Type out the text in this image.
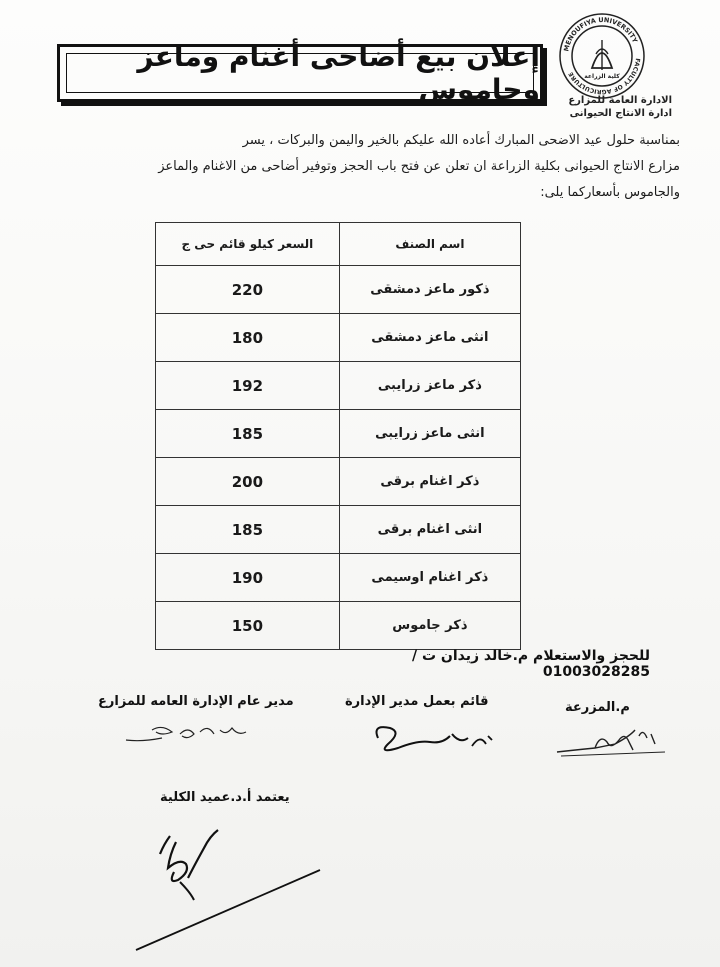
إعلان بيع أضاحى أغنام وماعز وجاموس
MENOUFIYA UNIVERSITY
FACULTY OF AGRICULTURE	كلية الزراعة
الادارة العامة للمزارع
ادارة الانتاج الحيوانى
بمناسبة حلول عيد الاضحى المبارك أعاده الله عليكم بالخير واليمن والبركات ، يسر
مزارع الانتاج الحيوانى بكلية الزراعة ان تعلن عن فتح باب الحجز وتوفير أضاحى من الاغنام والماعز
والجاموس بأسعاركما يلى:
اسم الصنف	السعر كيلو قائم حى ج
ذكور ماعز دمشقى	220
انثى ماعز دمشقى	180
ذكر ماعز زرايبى	192
انثى ماعز زرايبى	185
ذكر اغنام برقى	200
انثى اغنام برقى	185
ذكر اغنام اوسيمى	190
ذكر جاموس	150
للحجز والاستعلام م.خالد زيدان ت / 01003028285
م.المزرعة
قائم بعمل مدير الإدارة
مدير عام الإدارة العامه للمزارع
يعتمد أ.د.عميد الكلية
